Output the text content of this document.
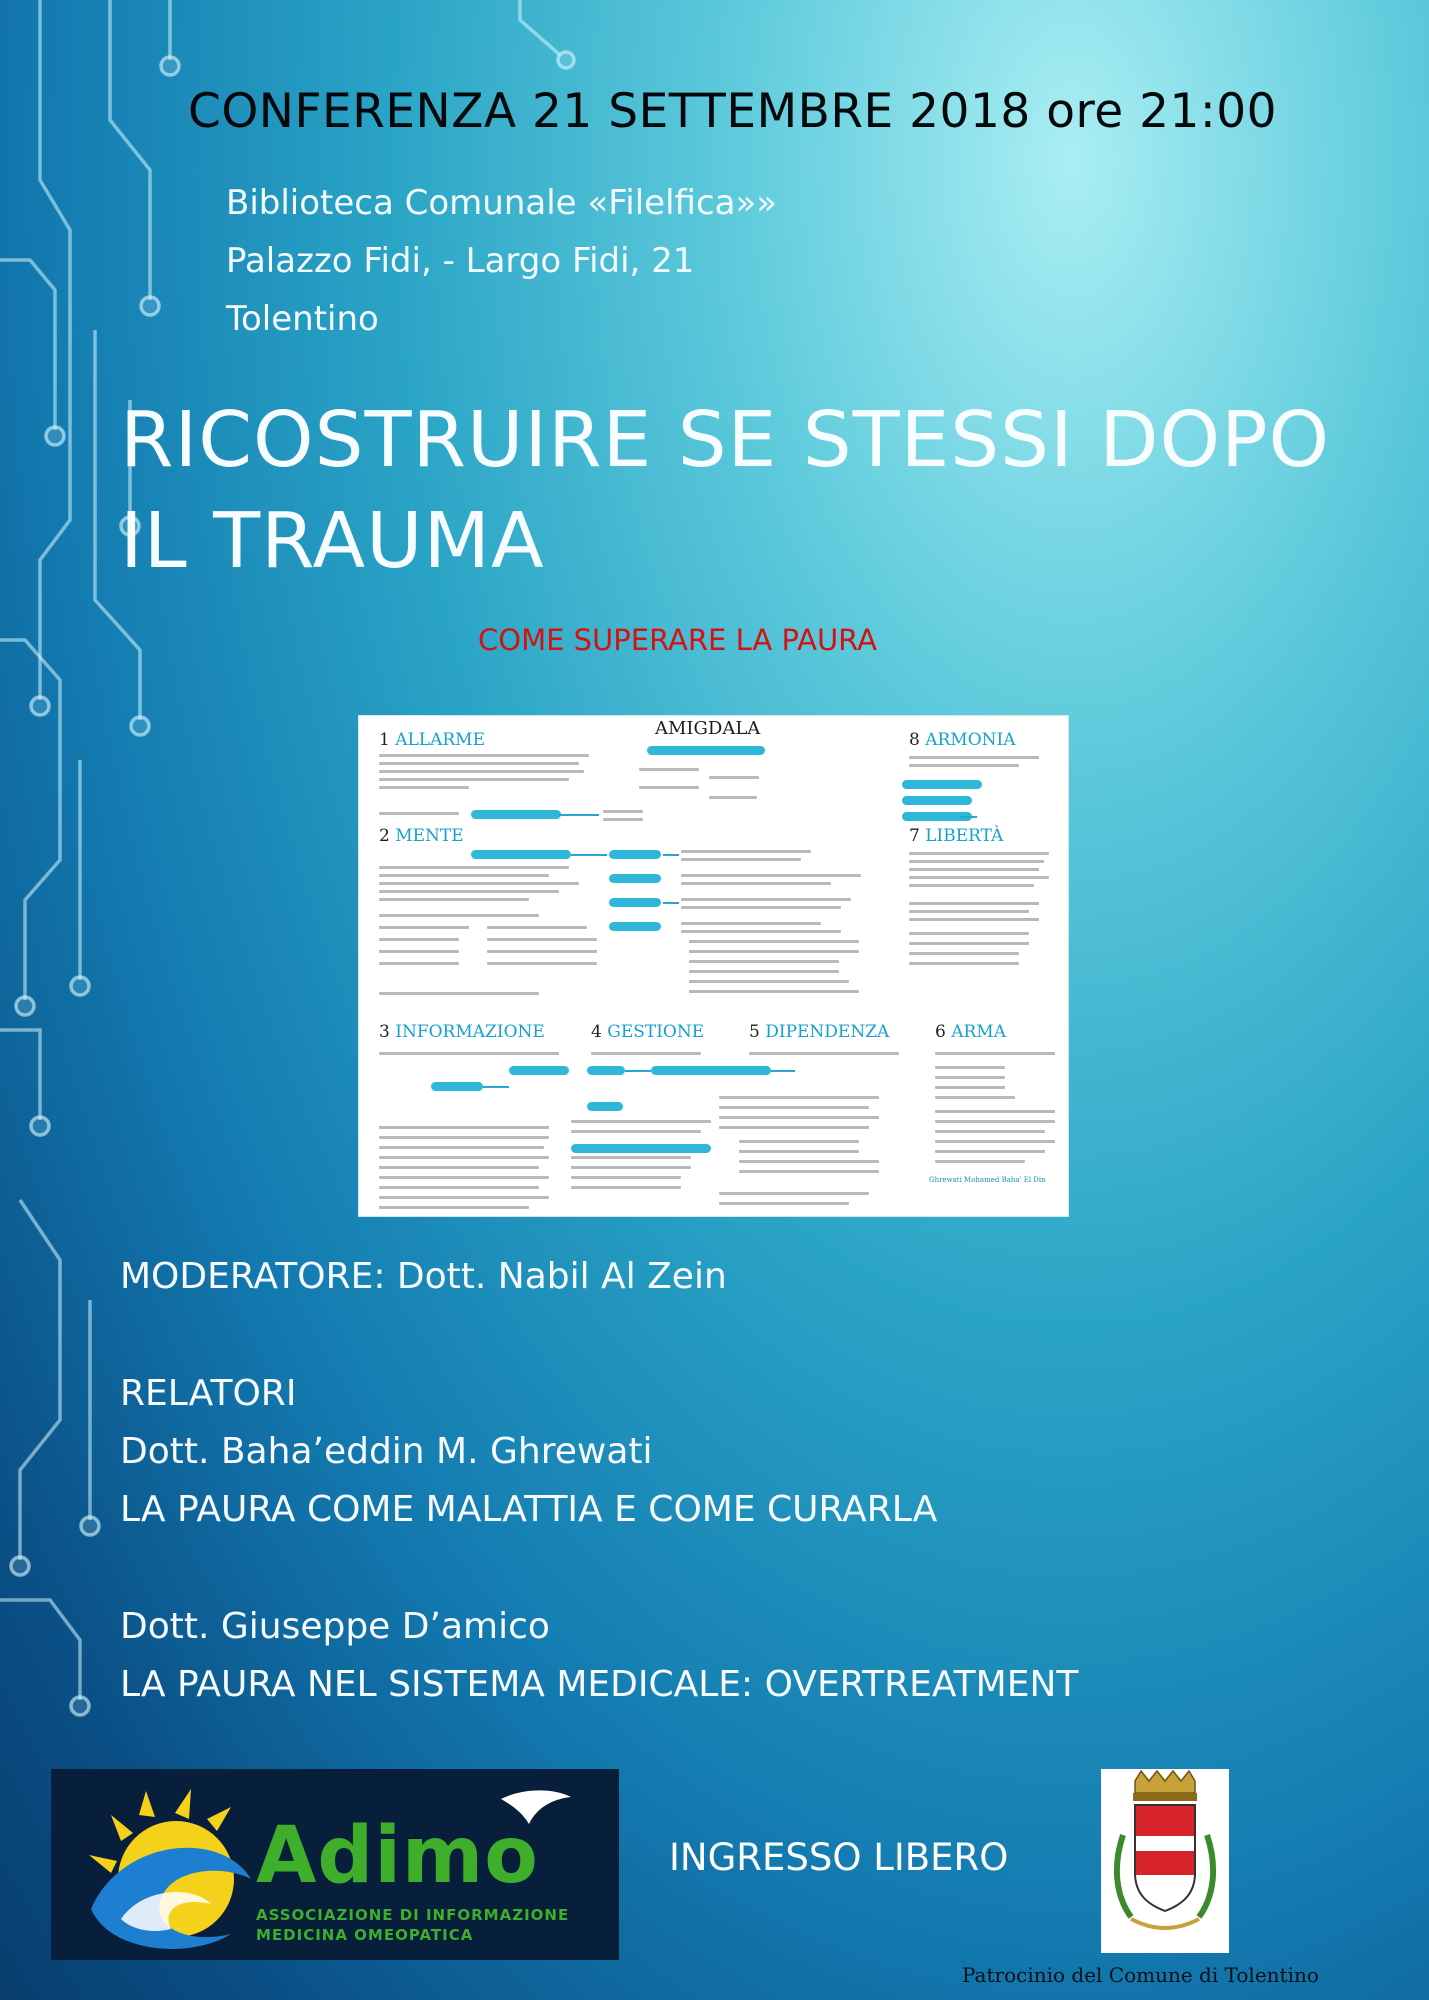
CONFERENZA 21 SETTEMBRE 2018 ore 21:00
Biblioteca Comunale «Filelfica»»
Palazzo Fidi, - Largo Fidi, 21
Tolentino
RICOSTRUIRE SE STESSI DOPO
IL TRAUMA
COME SUPERARE LA PAURA
AMIGDALA
1 ALLARME
2 MENTE
3 INFORMAZIONE	4 GESTIONE	5 DIPENDENZA	6 ARMA
7 LIBERTÀ
8 ARMONIA
Ghrewati Mohamed Baha' El Din
MODERATORE: Dott. Nabil Al Zein
RELATORI
Dott. Baha’eddin M. Ghrewati
LA PAURA COME MALATTIA E COME CURARLA
Dott. Giuseppe D’amico
LA PAURA NEL SISTEMA MEDICALE: OVERTREATMENT
Adimo
ASSOCIAZIONE DI INFORMAZIONE
MEDICINA OMEOPATICA
INGRESSO LIBERO
Patrocinio del Comune di Tolentino
